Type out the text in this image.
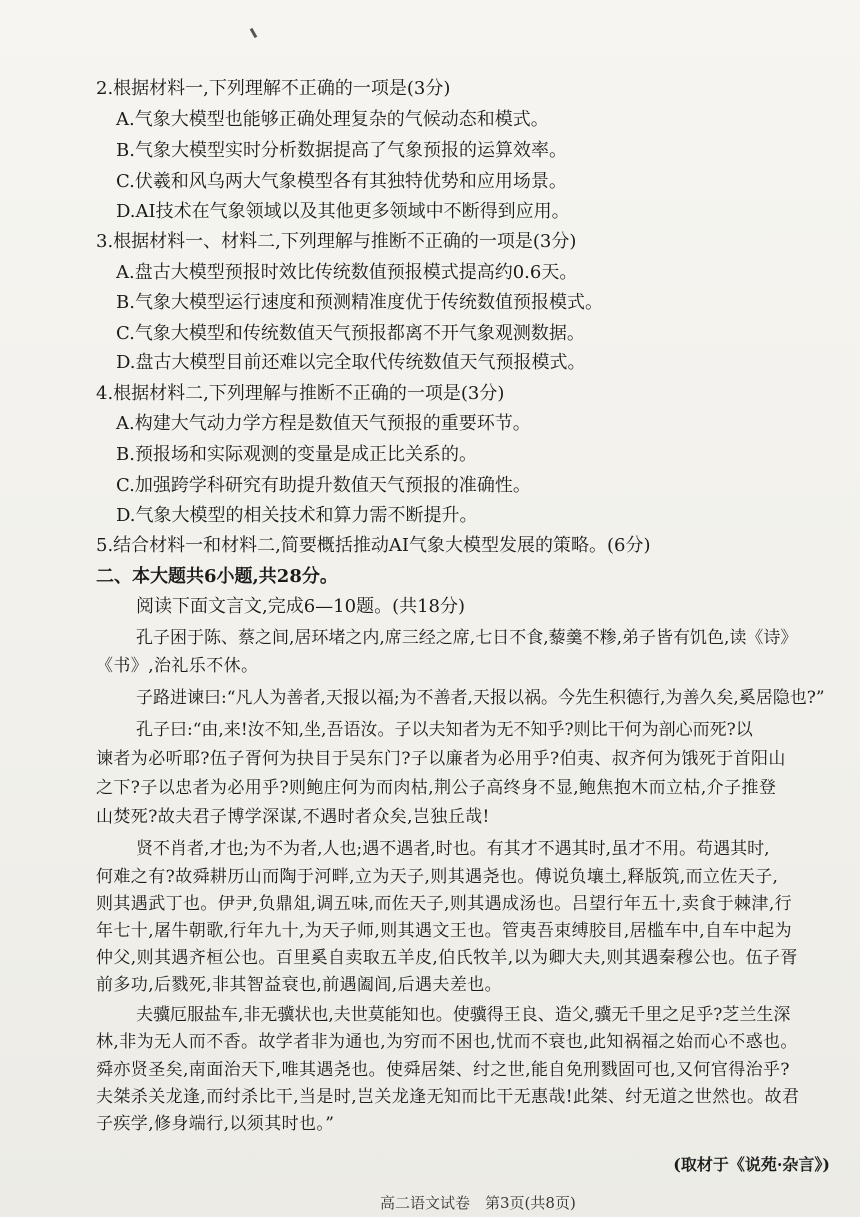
2.根据材料一,下列理解不正确的一项是(3分)
A.气象大模型也能够正确处理复杂的气候动态和模式。
B.气象大模型实时分析数据提高了气象预报的运算效率。
C.伏羲和风乌两大气象模型各有其独特优势和应用场景。
D.AI技术在气象领域以及其他更多领域中不断得到应用。
3.根据材料一、材料二,下列理解与推断不正确的一项是(3分)
A.盘古大模型预报时效比传统数值预报模式提高约0.6天。
B.气象大模型运行速度和预测精准度优于传统数值预报模式。
C.气象大模型和传统数值天气预报都离不开气象观测数据。
D.盘古大模型目前还难以完全取代传统数值天气预报模式。
4.根据材料二,下列理解与推断不正确的一项是(3分)
A.构建大气动力学方程是数值天气预报的重要环节。
B.预报场和实际观测的变量是成正比关系的。
C.加强跨学科研究有助提升数值天气预报的准确性。
D.气象大模型的相关技术和算力需不断提升。
5.结合材料一和材料二,简要概括推动AI气象大模型发展的策略。(6分)
二、本大题共6小题,共28分。
阅读下面文言文,完成6—10题。(共18分)
孔子困于陈、蔡之间,居环堵之内,席三经之席,七日不食,藜羹不糁,弟子皆有饥色,读《诗》
《书》,治礼乐不休。
子路进谏曰:“凡人为善者,天报以福;为不善者,天报以祸。今先生积德行,为善久矣,奚居隐也?”
孔子曰:“由,来!汝不知,坐,吾语汝。子以夫知者为无不知乎?则比干何为剖心而死?以
谏者为必听耶?伍子胥何为抉目于吴东门?子以廉者为必用乎?伯夷、叔齐何为饿死于首阳山
之下?子以忠者为必用乎?则鲍庄何为而肉枯,荆公子高终身不显,鲍焦抱木而立枯,介子推登
山焚死?故夫君子博学深谋,不遇时者众矣,岂独丘哉!
贤不肖者,才也;为不为者,人也;遇不遇者,时也。有其才不遇其时,虽才不用。苟遇其时,
何难之有?故舜耕历山而陶于河畔,立为天子,则其遇尧也。傅说负壤土,释版筑,而立佐天子,
则其遇武丁也。伊尹,负鼎俎,调五味,而佐天子,则其遇成汤也。吕望行年五十,卖食于棘津,行
年七十,屠牛朝歌,行年九十,为天子师,则其遇文王也。管夷吾束缚胶目,居槛车中,自车中起为
仲父,则其遇齐桓公也。百里奚自卖取五羊皮,伯氏牧羊,以为卿大夫,则其遇秦穆公也。伍子胥
前多功,后戮死,非其智益衰也,前遇阖闾,后遇夫差也。
夫骥厄服盐车,非无骥状也,夫世莫能知也。使骥得王良、造父,骥无千里之足乎?芝兰生深
林,非为无人而不香。故学者非为通也,为穷而不困也,忧而不衰也,此知祸福之始而心不惑也。
舜亦贤圣矣,南面治天下,唯其遇尧也。使舜居桀、纣之世,能自免刑戮固可也,又何官得治乎?
夫桀杀关龙逢,而纣杀比干,当是时,岂关龙逢无知而比干无惠哉!此桀、纣无道之世然也。故君
子疾学,修身端行,以须其时也。”
(取材于《说苑·杂言》)
高二语文试卷　第3页(共8页)
